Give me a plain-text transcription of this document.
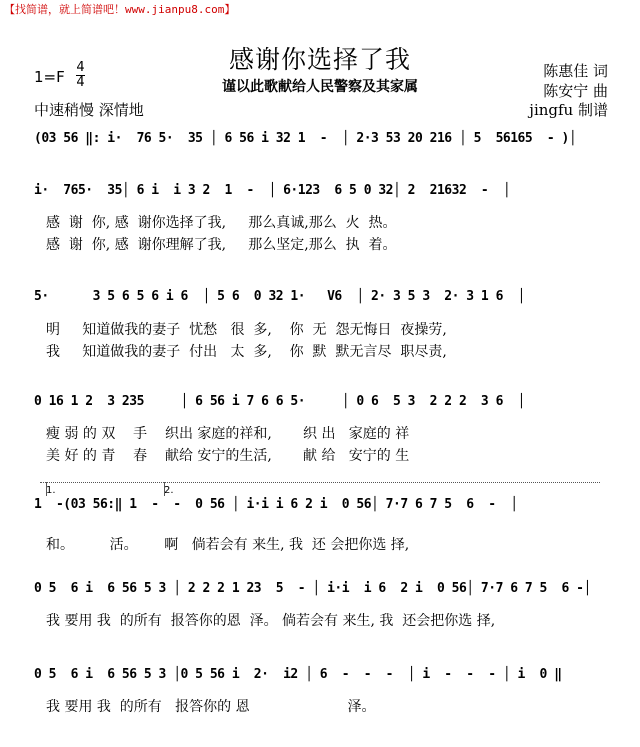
【找简谱，就上简谱吧！www.jianpu8.com】
感谢你选择了我
谨以此歌献给人民警察及其家属
1=F
4
4
中速稍慢 深情地
陈惠佳 词
陈安宁 曲
jingfu 制谱
(03 56 ‖: i·  76 5·  35 │ 6 56 i 32 1  -  │ 2·3 53 20 216 │ 5  56165  - )│
i·  765·  35│ 6 i  i 3 2  1  -  │ 6·123  6 5 0 32│ 2  21632  -  │
感  谢  你, 感  谢你选择了我,     那么真诚,那么  火  热。
感  谢  你, 感  谢你理解了我,     那么坚定,那么  执  着。
5·      3 5 6 5 6 i 6  │ 5 6  0 32 1·   V6  │ 2· 3 5 3  2· 3 1 6  │
明     知道做我的妻子  忧愁   很  多,    你  无  怨无悔日  夜操劳,
我     知道做我的妻子  付出   太  多,    你  默  默无言尽  职尽责,
0 16 1 2  3 235     │ 6 56 i 7 6 6 5·     │ 0 6  5 3  2 2 2  3 6  │
瘦 弱 的 双    手    织出 家庭的祥和,       织 出   家庭的 祥
美 好 的 青    春    献给 安宁的生活,       献 给   安宁的 生
1.	2.
1  -(03 56:‖ 1  -  -  0 56 │ i·i i 6 2 i  0 56│ 7·7 6 7 5  6  -  │
和。        活。      啊   倘若会有 来生, 我  还 会把你选 择,
0 5  6 i  6 56 5 3 │ 2 2 2 1 23  5  - │ i·i  i 6  2 i  0 56│ 7·7 6 7 5  6 -│
我 要用 我  的所有  报答你的恩  泽。 倘若会有 来生, 我  还会把你选 择,
0 5  6 i  6 56 5 3 │0 5 56 i  2·  i2 │ 6  -  -  -  │ i  -  -  - │ i  0 ‖
我 要用 我  的所有   报答你的 恩                      泽。
